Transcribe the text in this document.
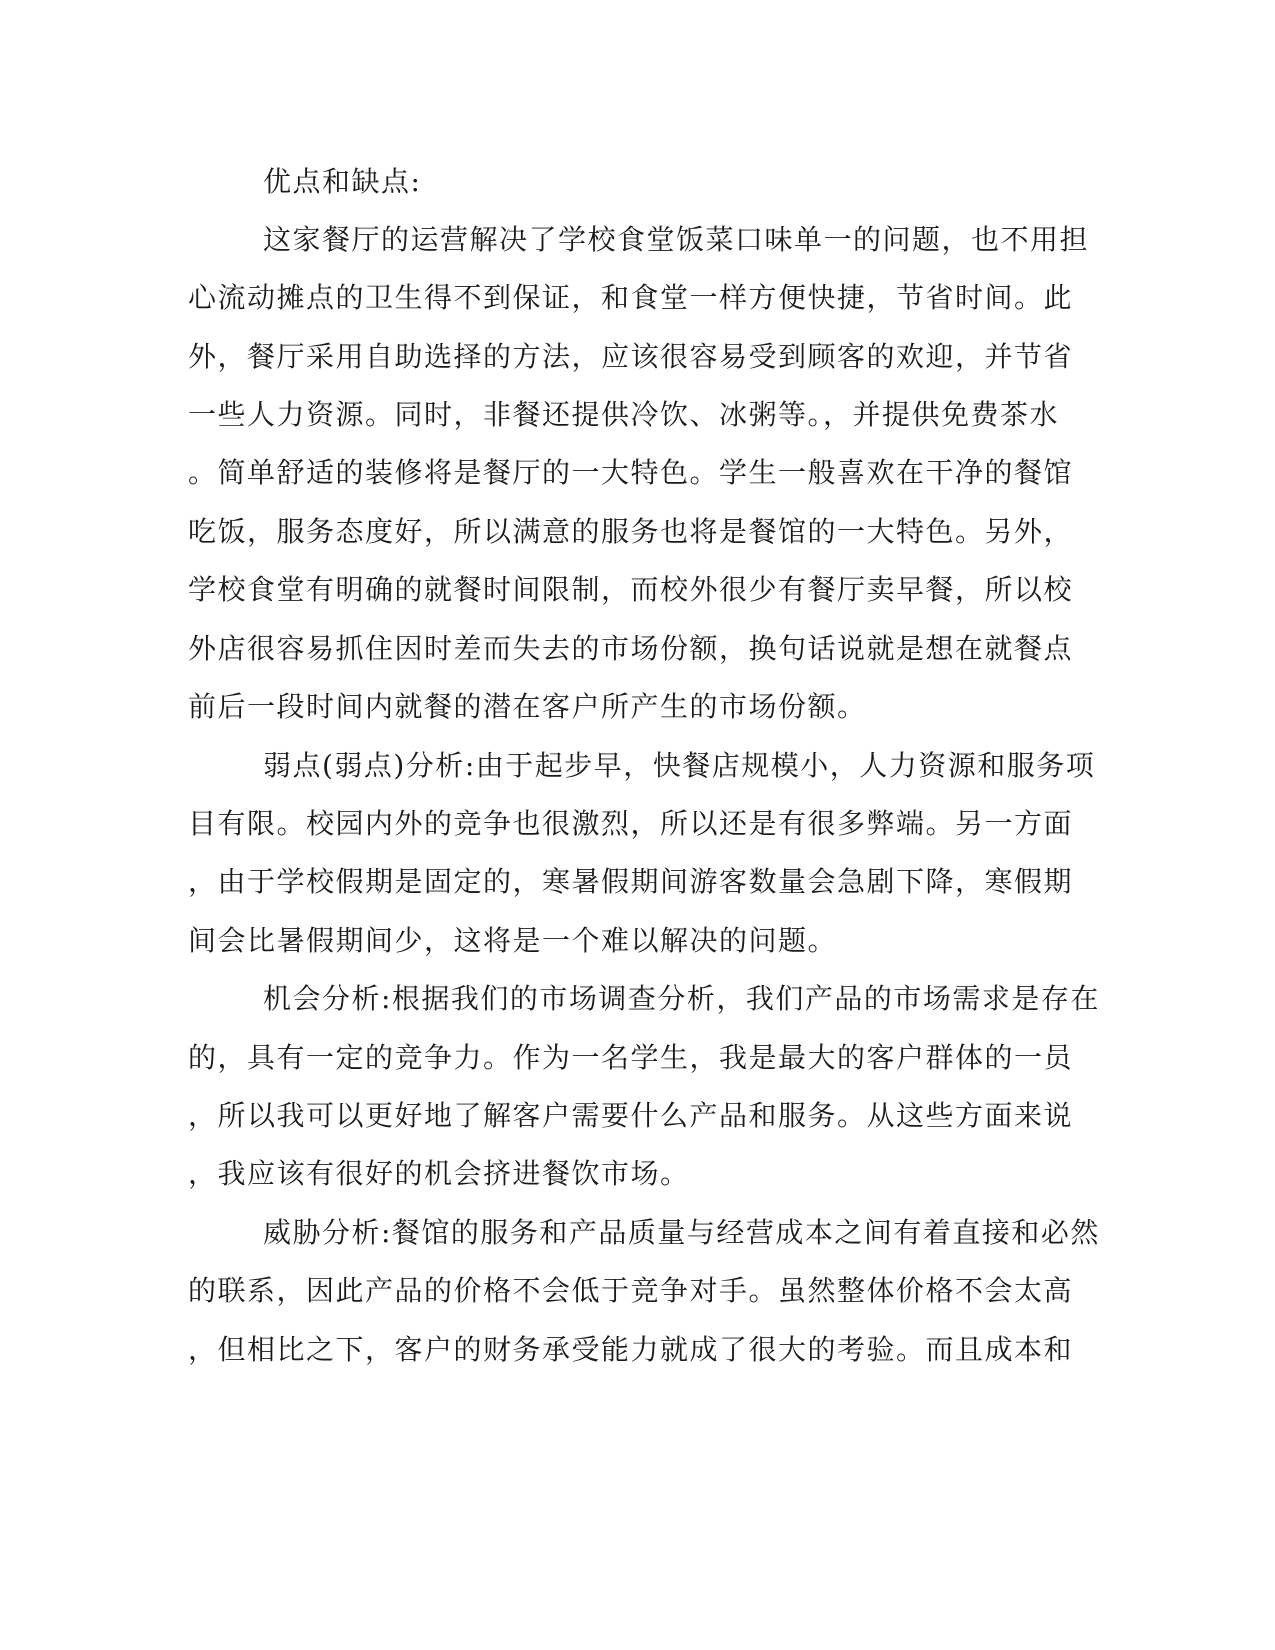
优点和缺点:
这家餐厅的运营解决了学校食堂饭菜口味单一的问题，也不用担
心流动摊点的卫生得不到保证，和食堂一样方便快捷，节省时间。此
外，餐厅采用自助选择的方法，应该很容易受到顾客的欢迎，并节省
一些人力资源。同时，非餐还提供冷饮、冰粥等。，并提供免费茶水
。简单舒适的装修将是餐厅的一大特色。学生一般喜欢在干净的餐馆
吃饭，服务态度好，所以满意的服务也将是餐馆的一大特色。另外，
学校食堂有明确的就餐时间限制，而校外很少有餐厅卖早餐，所以校
外店很容易抓住因时差而失去的市场份额，换句话说就是想在就餐点
前后一段时间内就餐的潜在客户所产生的市场份额。
弱点(弱点)分析:由于起步早，快餐店规模小，人力资源和服务项
目有限。校园内外的竞争也很激烈，所以还是有很多弊端。另一方面
，由于学校假期是固定的，寒暑假期间游客数量会急剧下降，寒假期
间会比暑假期间少，这将是一个难以解决的问题。
机会分析:根据我们的市场调查分析，我们产品的市场需求是存在
的，具有一定的竞争力。作为一名学生，我是最大的客户群体的一员
，所以我可以更好地了解客户需要什么产品和服务。从这些方面来说
，我应该有很好的机会挤进餐饮市场。
威胁分析:餐馆的服务和产品质量与经营成本之间有着直接和必然
的联系，因此产品的价格不会低于竞争对手。虽然整体价格不会太高
，但相比之下，客户的财务承受能力就成了很大的考验。而且成本和
